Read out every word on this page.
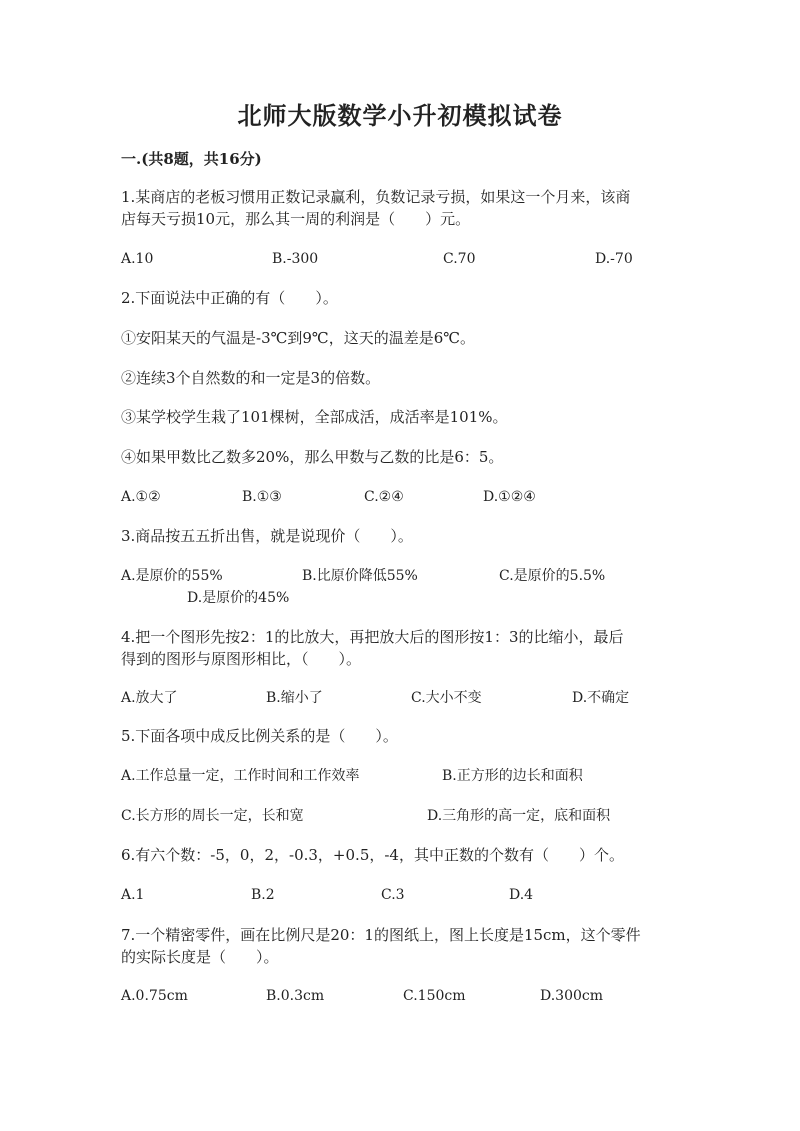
北师大版数学小升初模拟试卷
一.(共8题，共16分)
1.某商店的老板习惯用正数记录赢利，负数记录亏损，如果这一个月来，该商
店每天亏损10元，那么其一周的利润是（　　）元。
A.10	B.-300	C.70	D.-70
2.下面说法中正确的有（　　）。
①安阳某天的气温是-3℃到9℃，这天的温差是6℃。
②连续3个自然数的和一定是3的倍数。
③某学校学生栽了101棵树，全部成活，成活率是101%。
④如果甲数比乙数多20%，那么甲数与乙数的比是6：5。
A.①②	B.①③	C.②④	D.①②④
3.商品按五五折出售，就是说现价（　　）。
A.是原价的55%	B.比原价降低55%	C.是原价的5.5%
D.是原价的45%
4.把一个图形先按2：1的比放大，再把放大后的图形按1：3的比缩小，最后
得到的图形与原图形相比，（　　）。
A.放大了	B.缩小了	C.大小不变	D.不确定
5.下面各项中成反比例关系的是（　　）。
A.工作总量一定，工作时间和工作效率	B.正方形的边长和面积
C.长方形的周长一定，长和宽	D.三角形的高一定，底和面积
6.有六个数：-5，0，2，-0.3，+0.5，-4，其中正数的个数有（　　）个。
A.1	B.2	C.3	D.4
7.一个精密零件，画在比例尺是20：1的图纸上，图上长度是15cm，这个零件
的实际长度是（　　）。
A.0.75cm	B.0.3cm	C.150cm	D.300cm
